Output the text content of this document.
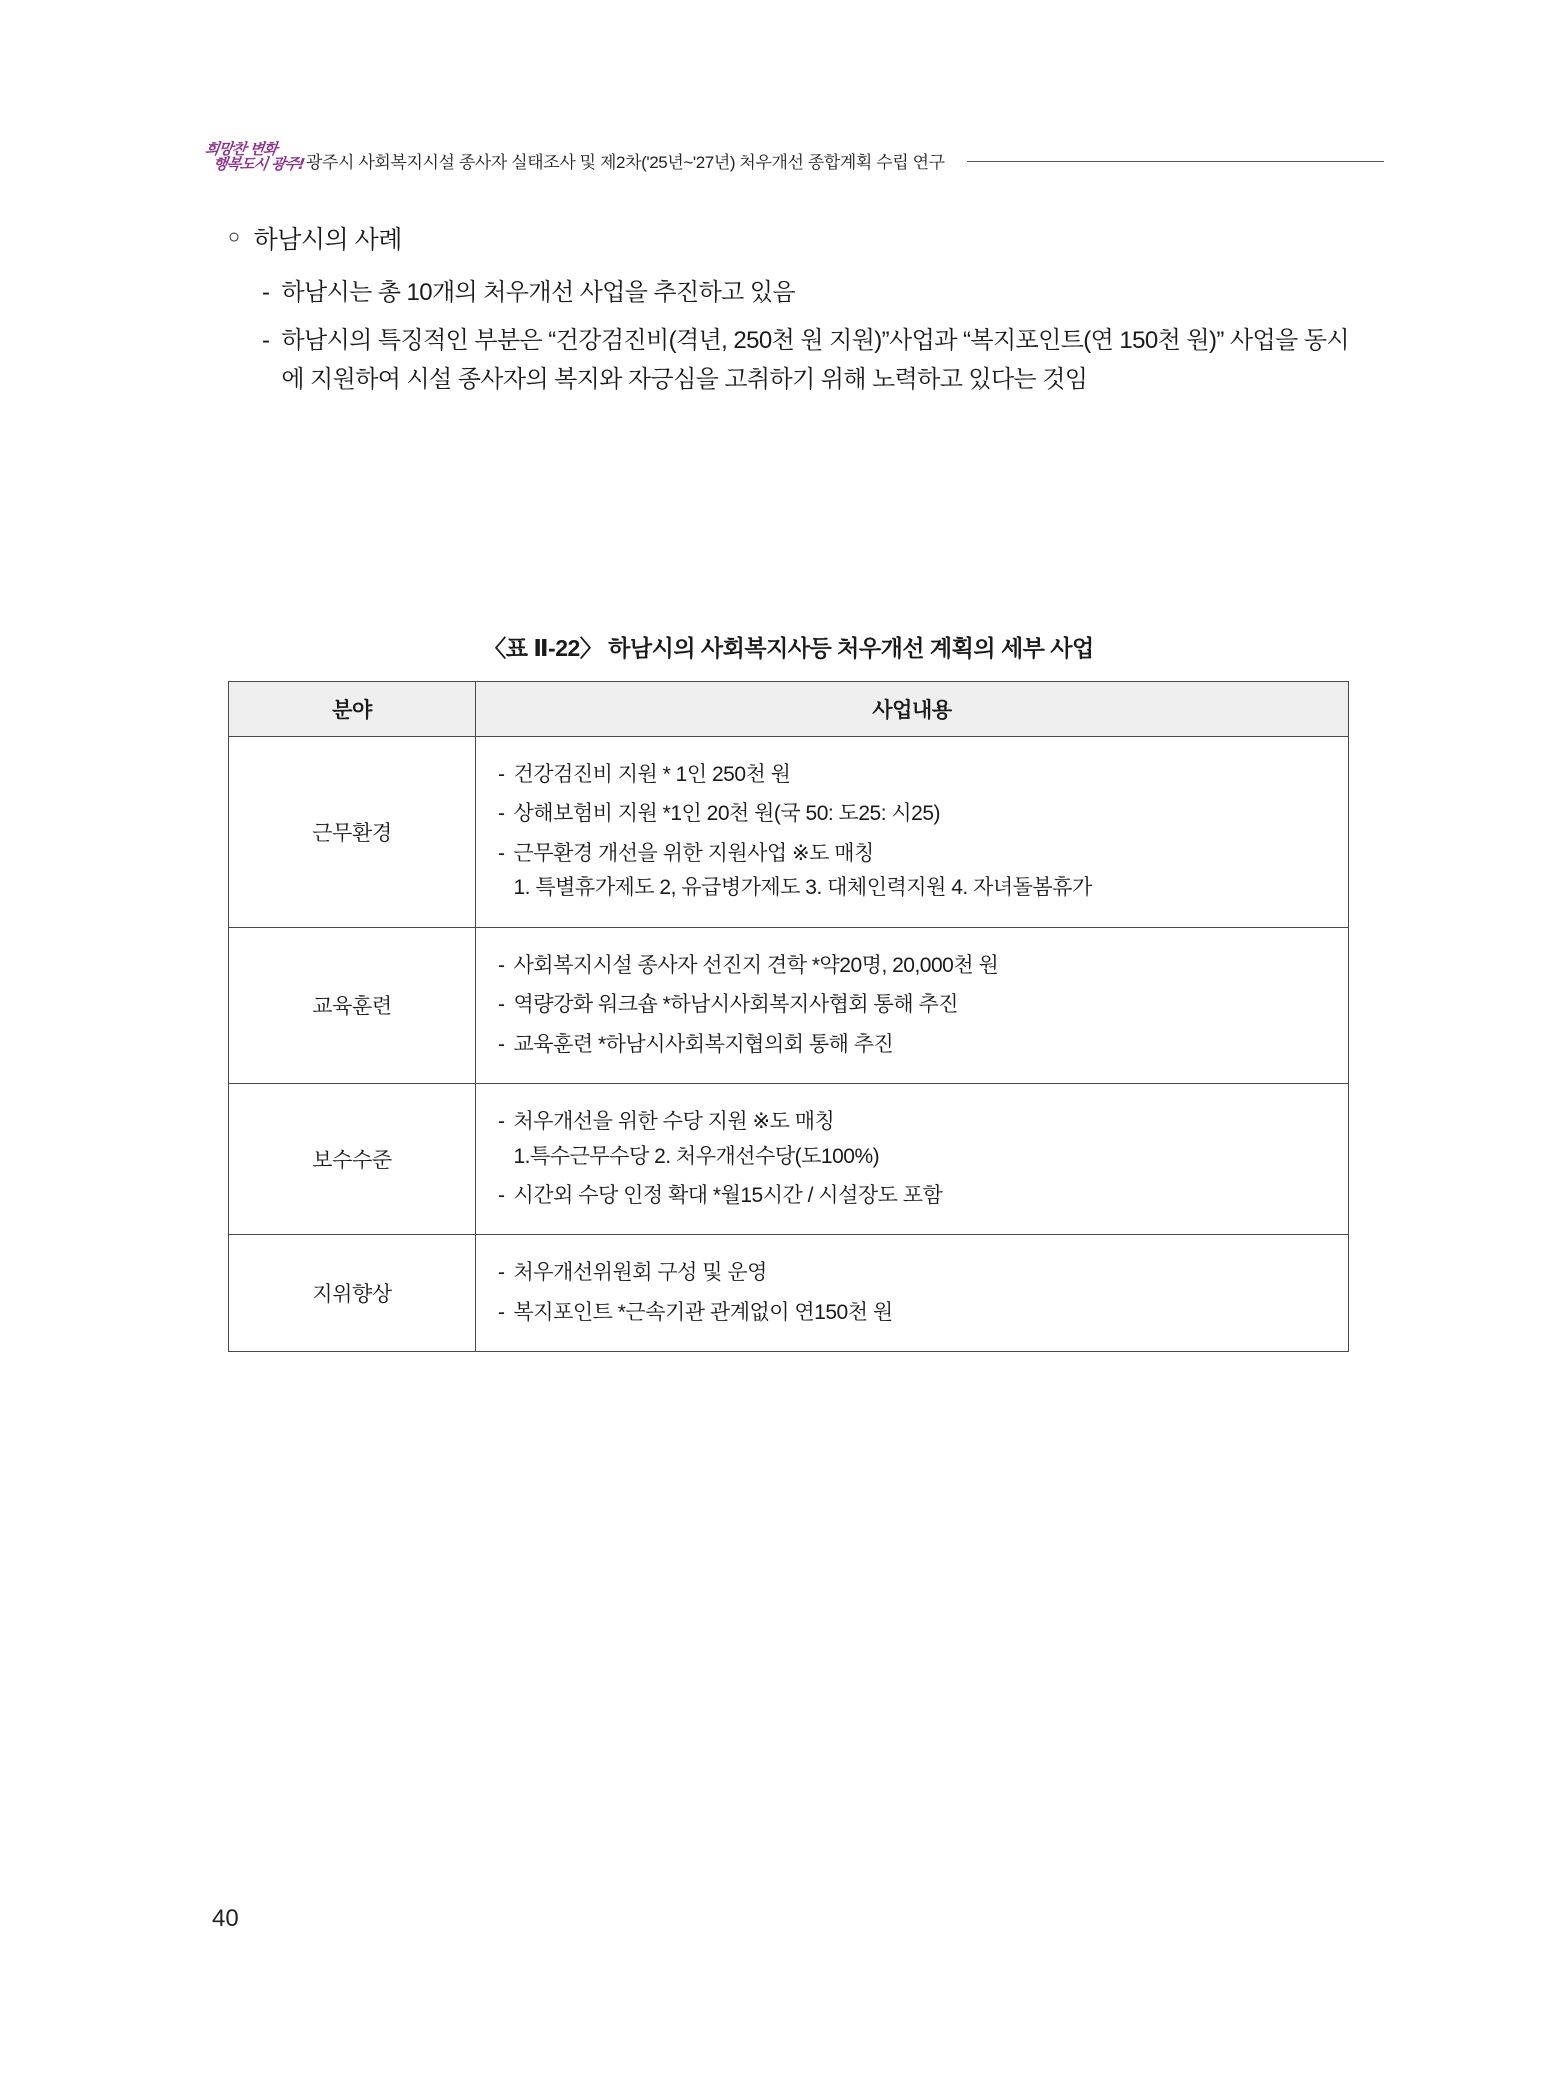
희망찬 변화
행복도시 광주! 광주시 사회복지시설 종사자 실태조사 및 제2차('25년~'27년) 처우개선 종합계획 수립 연구
○ 하남시의 사례
- 하남시는 총 10개의 처우개선 사업을 추진하고 있음
- 하남시의 특징적인 부분은 “건강검진비(격년, 250천 원 지원)”사업과 “복지포인트(연 150천 원)” 사업을 동시에 지원하여 시설 종사자의 복지와 자긍심을 고취하기 위해 노력하고 있다는 것임
〈표 Ⅱ-22〉 하남시의 사회복지사등 처우개선 계획의 세부 사업
분야	사업내용
근무환경	
- 건강검진비 지원 * 1인 250천 원
- 상해보험비 지원 *1인 20천 원(국 50: 도25: 시25)
- 근무환경 개선을 위한 지원사업 ※도 매칭
1. 특별휴가제도 2, 유급병가제도 3. 대체인력지원 4. 자녀돌봄휴가

교육훈련	
- 사회복지시설 종사자 선진지 견학 *약20명, 20,000천 원
- 역량강화 워크숍 *하남시사회복지사협회 통해 추진
- 교육훈련 *하남시사회복지협의회 통해 추진

보수수준	
- 처우개선을 위한 수당 지원 ※도 매칭
1.특수근무수당 2. 처우개선수당(도100%)
- 시간외 수당 인정 확대 *월15시간 / 시설장도 포함

지위향상	
- 처우개선위원회 구성 및 운영
- 복지포인트 *근속기관 관계없이 연150천 원
40
